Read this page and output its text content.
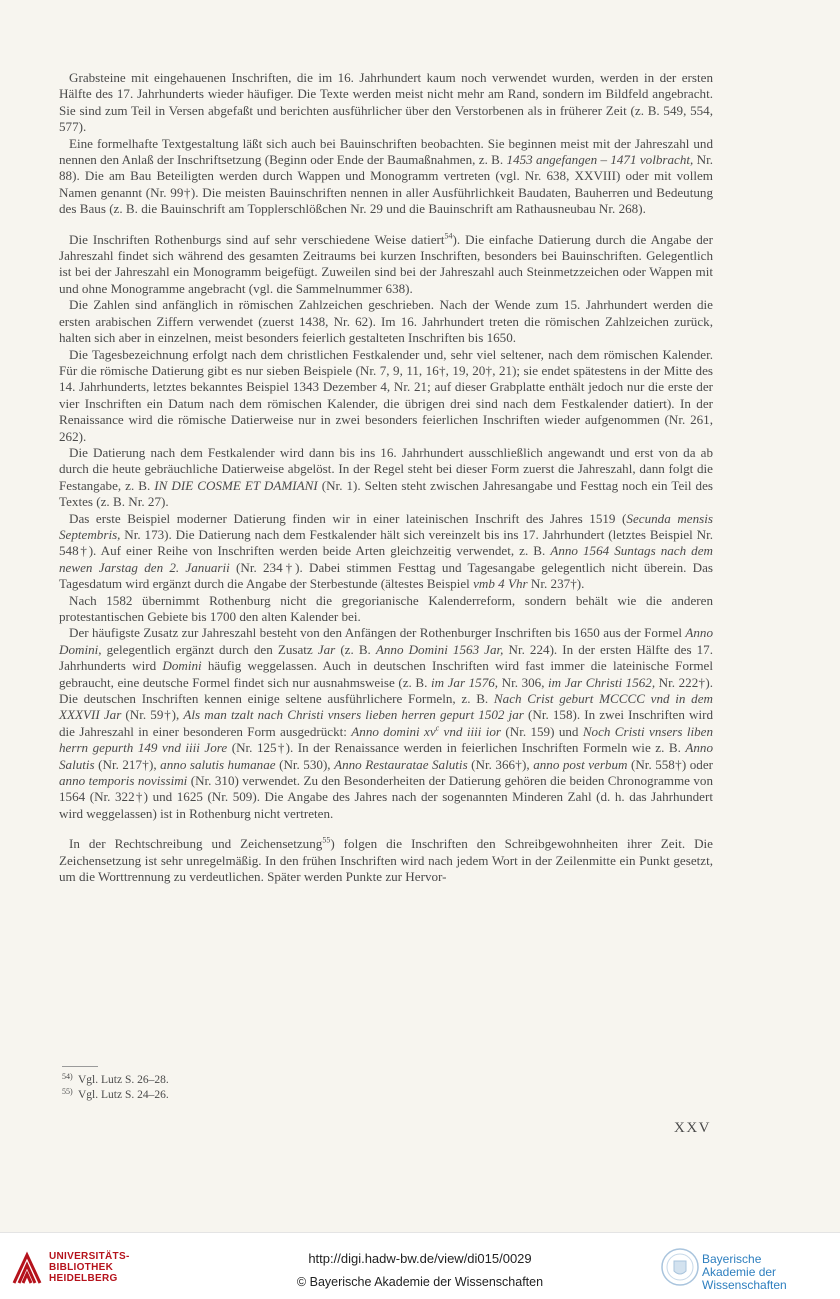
Grabsteine mit eingehauenen Inschriften, die im 16. Jahrhundert kaum noch verwendet wurden, werden in der ersten Hälfte des 17. Jahrhunderts wieder häufiger. Die Texte werden meist nicht mehr am Rand, sondern im Bildfeld angebracht. Sie sind zum Teil in Versen abgefaßt und berichten ausführlicher über den Verstorbenen als in früherer Zeit (z. B. 549, 554, 577).

Eine formelhafte Textgestaltung läßt sich auch bei Bauinschriften beobachten. Sie beginnen meist mit der Jahreszahl und nennen den Anlaß der Inschriftsetzung (Beginn oder Ende der Baumaßnahmen, z. B. 1453 angefangen – 1471 volbracht, Nr. 88). Die am Bau Beteiligten werden durch Wappen und Monogramm vertreten (vgl. Nr. 638, XXVIII) oder mit vollem Namen genannt (Nr. 99†). Die meisten Bauinschriften nennen in aller Ausführlichkeit Baudaten, Bauherren und Bedeutung des Baus (z. B. die Bauinschrift am Topplerschlößchen Nr. 29 und die Bauinschrift am Rathausneubau Nr. 268).

Die Inschriften Rothenburgs sind auf sehr verschiedene Weise datiert$^{54}$). Die einfache Datierung durch die Angabe der Jahreszahl findet sich während des gesamten Zeitraums bei kurzen Inschriften, besonders bei Bauinschriften. Gelegentlich ist bei der Jahreszahl ein Monogramm beigefügt. Zuweilen sind bei der Jahreszahl auch Steinmetzzeichen oder Wappen mit und ohne Monogramme angebracht (vgl. die Sammelnummer 638).

Die Zahlen sind anfänglich in römischen Zahlzeichen geschrieben. Nach der Wende zum 15. Jahrhundert werden die ersten arabischen Ziffern verwendet (zuerst 1438, Nr. 62). Im 16. Jahrhundert treten die römischen Zahlzeichen zurück, halten sich aber in einzelnen, meist besonders feierlich gestalteten Inschriften bis 1650.

Die Tagesbezeichnung erfolgt nach dem christlichen Festkalender und, sehr viel seltener, nach dem römischen Kalender. Für die römische Datierung gibt es nur sieben Beispiele (Nr. 7, 9, 11, 16†, 19, 20†, 21); sie endet spätestens in der Mitte des 14. Jahrhunderts, letztes bekanntes Beispiel 1343 Dezember 4, Nr. 21; auf dieser Grabplatte enthält jedoch nur die erste der vier Inschriften ein Datum nach dem römischen Kalender, die übrigen drei sind nach dem Festkalender datiert). In der Renaissance wird die römische Datierweise nur in zwei besonders feierlichen Inschriften wieder aufgenommen (Nr. 261, 262).

Die Datierung nach dem Festkalender wird dann bis ins 16. Jahrhundert ausschließlich angewandt und erst von da ab durch die heute gebräuchliche Datierweise abgelöst. In der Regel steht bei dieser Form zuerst die Jahreszahl, dann folgt die Festangabe, z. B. IN DIE COSME ET DAMIANI (Nr. 1). Selten steht zwischen Jahresangabe und Festtag noch ein Teil des Textes (z. B. Nr. 27).

Das erste Beispiel moderner Datierung finden wir in einer lateinischen Inschrift des Jahres 1519 (Secunda mensis Septembris, Nr. 173). Die Datierung nach dem Festkalender hält sich vereinzelt bis ins 17. Jahrhundert (letztes Beispiel Nr. 548†). Auf einer Reihe von Inschriften werden beide Arten gleichzeitig verwendet, z. B. Anno 1564 Suntags nach dem newen Jarstag den 2. Januarii (Nr. 234†). Dabei stimmen Festtag und Tagesangabe gelegentlich nicht überein. Das Tagesdatum wird ergänzt durch die Angabe der Sterbestunde (ältestes Beispiel vmb 4 Vhr Nr. 237†).

Nach 1582 übernimmt Rothenburg nicht die gregorianische Kalenderreform, sondern behält wie die anderen protestantischen Gebiete bis 1700 den alten Kalender bei.

Der häufigste Zusatz zur Jahreszahl besteht von den Anfängen der Rothenburger Inschriften bis 1650 aus der Formel Anno Domini, gelegentlich ergänzt durch den Zusatz Jar (z. B. Anno Domini 1563 Jar, Nr. 224). In der ersten Hälfte des 17. Jahrhunderts wird Domini häufig weggelassen. Auch in deutschen Inschriften wird fast immer die lateinische Formel gebraucht, eine deutsche Formel findet sich nur ausnahmsweise (z. B. im Jar 1576, Nr. 306, im Jar Christi 1562, Nr. 222†). Die deutschen Inschriften kennen einige seltene ausführlichere Formeln, z. B. Nach Crist geburt MCCCC vnd in dem XXXVII Jar (Nr. 59†), Als man tzalt nach Christi vnsers lieben herren gepurt 1502 jar (Nr. 158). In zwei Inschriften wird die Jahreszahl in einer besonderen Form ausgedrückt: Anno domini $xv^c$ vnd iiii ior (Nr. 159) und Noch Cristi vnsers liben herrn gepurth 149 vnd iiii Jore (Nr. 125†). In der Renaissance werden in feierlichen Inschriften Formeln wie z. B. Anno Salutis (Nr. 217†), anno salutis humanae (Nr. 530), Anno Restauratae Salutis (Nr. 366†), anno post verbum (Nr. 558†) oder anno temporis novissimi (Nr. 310) verwendet. Zu den Besonderheiten der Datierung gehören die beiden Chronogramme von 1564 (Nr. 322†) und 1625 (Nr. 509). Die Angabe des Jahres nach der sogenannten Minderen Zahl (d. h. das Jahrhundert wird weggelassen) ist in Rothenburg nicht vertreten.

In der Rechtschreibung und Zeichensetzung$^{55}$) folgen die Inschriften den Schreibgewohnheiten ihrer Zeit. Die Zeichensetzung ist sehr unregelmäßig. In den frühen Inschriften wird nach jedem Wort in der Zeilenmitte ein Punkt gesetzt, um die Worttrennung zu verdeutlichen. Später werden Punkte zur Hervor-

54) Vgl. Lutz S. 26–28.
55) Vgl. Lutz S. 24–26.
XXV
UNIVERSITÄTS-
BIBLIOTHEK
HEIDELBERG
http://digi.hadw-bw.de/view/di015/0029
© Bayerische Akademie der Wissenschaften
Bayerische
Akademie der Wissenschaften
